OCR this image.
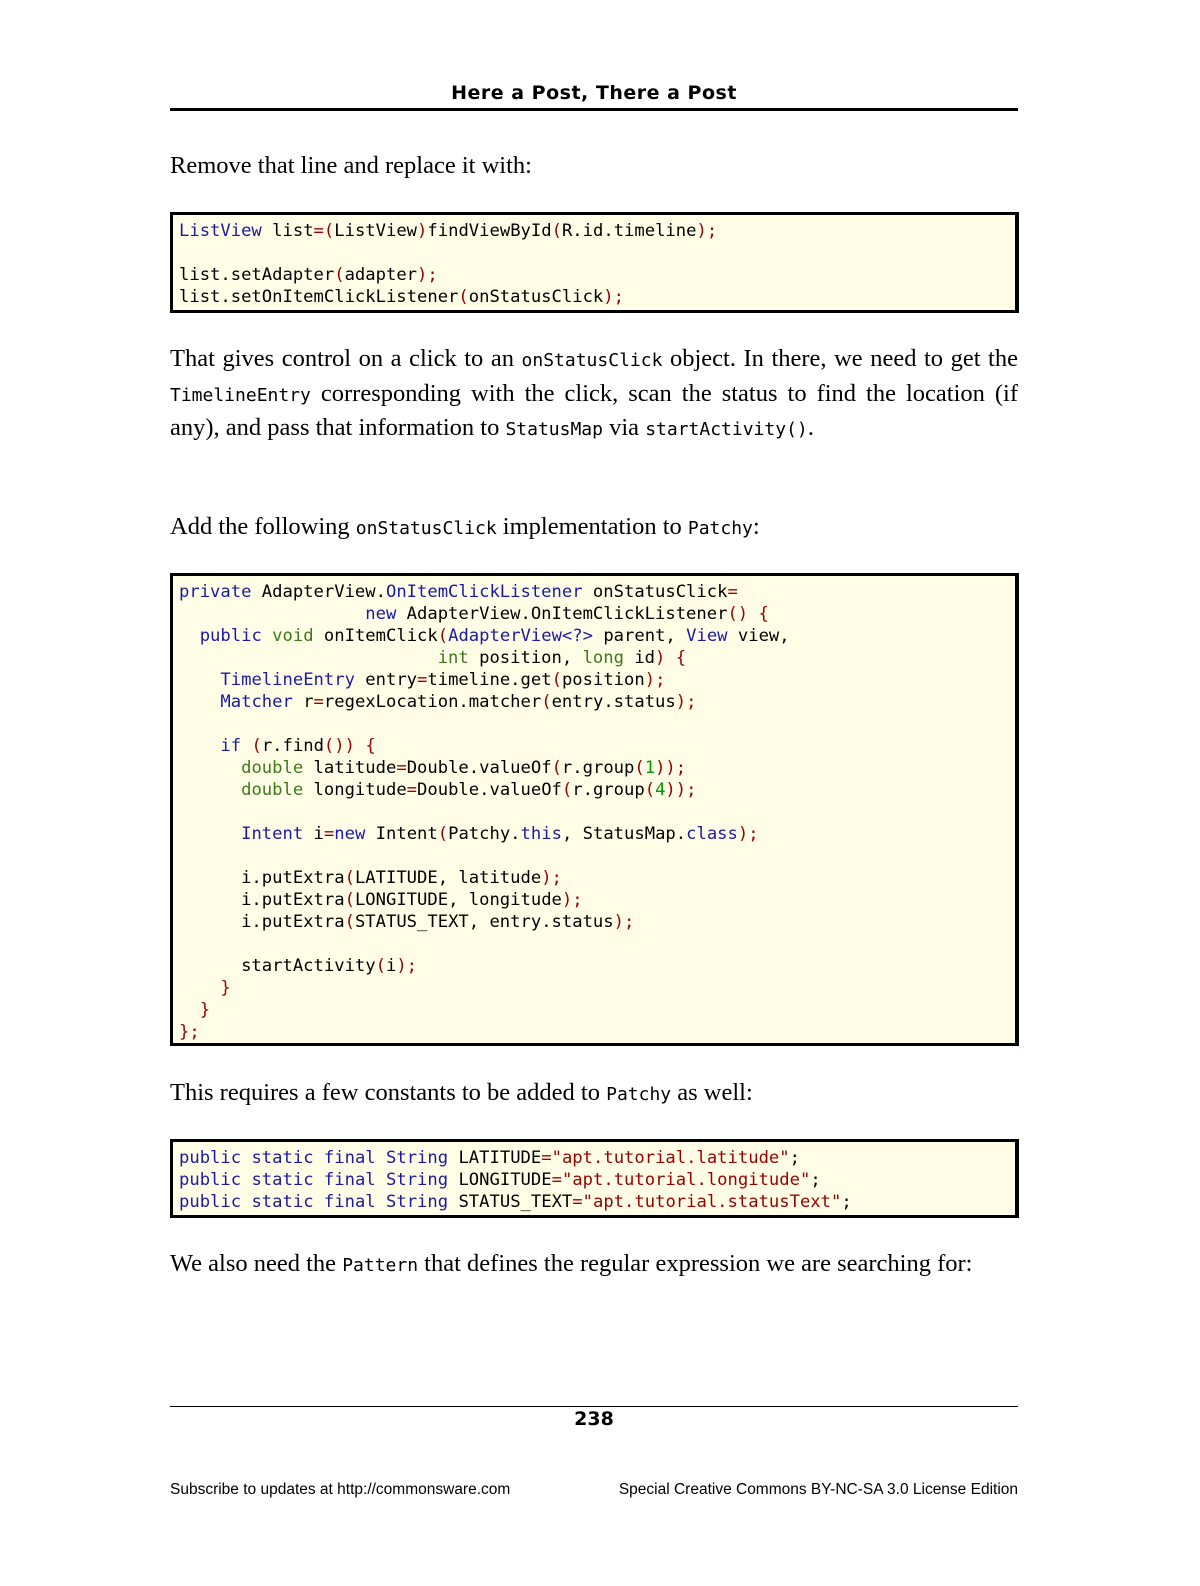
Here a Post, There a Post
Remove that line and replace it with:
ListView list=(ListView)findViewById(R.id.timeline);

list.setAdapter(adapter);
list.setOnItemClickListener(onStatusClick);
That gives control on a click to an onStatusClick object. In there, we need to get the TimelineEntry corresponding with the click, scan the status to find the location (if any), and pass that information to StatusMap via startActivity().
Add the following onStatusClick implementation to Patchy:
private AdapterView.OnItemClickListener onStatusClick=
new AdapterView.OnItemClickListener() {
public void onItemClick(AdapterView<?> parent, View view,
int position, long id) {
TimelineEntry entry=timeline.get(position);
Matcher r=regexLocation.matcher(entry.status);

if (r.find()) {
double latitude=Double.valueOf(r.group(1));
double longitude=Double.valueOf(r.group(4));

Intent i=new Intent(Patchy.this, StatusMap.class);

i.putExtra(LATITUDE, latitude);
i.putExtra(LONGITUDE, longitude);
i.putExtra(STATUS_TEXT, entry.status);

startActivity(i);
}
}
};
This requires a few constants to be added to Patchy as well:
public static final String LATITUDE="apt.tutorial.latitude";
public static final String LONGITUDE="apt.tutorial.longitude";
public static final String STATUS_TEXT="apt.tutorial.statusText";
We also need the Pattern that defines the regular expression we are searching for:
238
Subscribe to updates at http://commonsware.com	Special Creative Commons BY-NC-SA 3.0 License Edition
